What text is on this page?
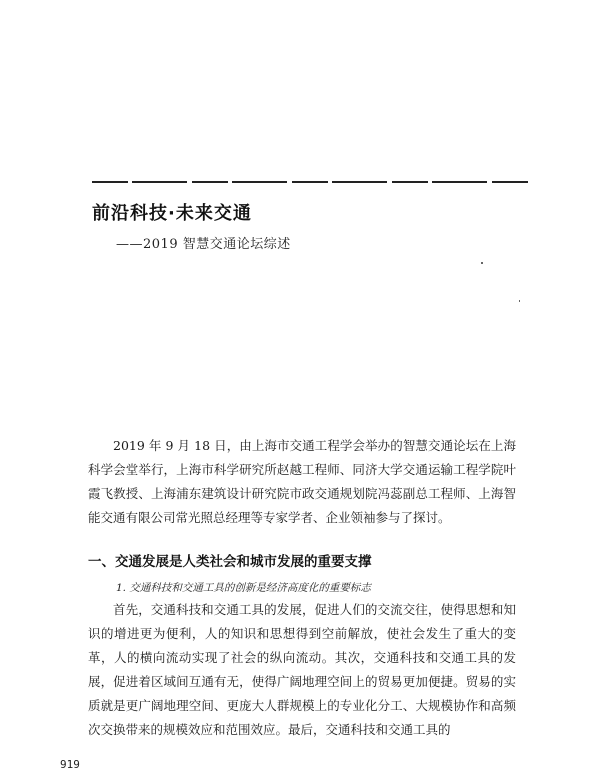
前沿科技·未来交通
——2019 智慧交通论坛综述

2019 年 9 月 18 日，由上海市交通工程学会举办的智慧交通论坛在上海科学会堂举行，上海市科学研究所赵越工程师、同济大学交通运输工程学院叶霞飞教授、上海浦东建筑设计研究院市政交通规划院冯蕊副总工程师、上海智能交通有限公司常光照总经理等专家学者、企业领袖参与了探讨。

一、交通发展是人类社会和城市发展的重要支撑
1. 交通科技和交通工具的创新是经济高度化的重要标志

首先，交通科技和交通工具的发展，促进人们的交流交往，使得思想和知识的增进更为便利，人的知识和思想得到空前解放，使社会发生了重大的变革，人的横向流动实现了社会的纵向流动。其次，交通科技和交通工具的发展，促进着区域间互通有无，使得广阔地理空间上的贸易更加便捷。贸易的实质就是更广阔地理空间、更庞大人群规模上的专业化分工、大规模协作和高频次交换带来的规模效应和范围效应。最后，交通科技和交通工具的

919
